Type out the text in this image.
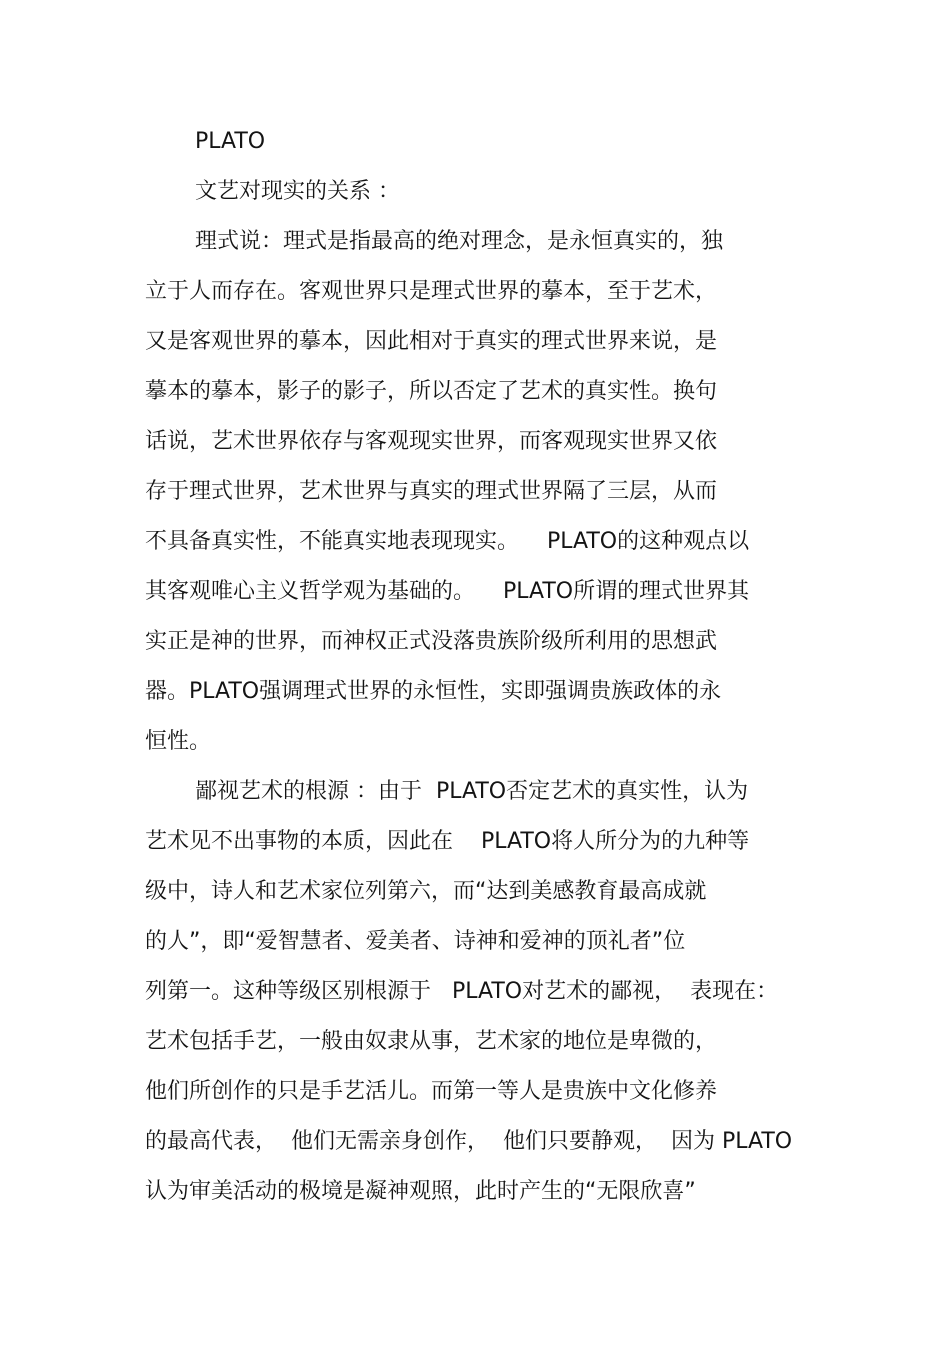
PLATO
文艺对现实的关系 ：
理式说：理式是指最高的绝对理念，是永恒真实的，独
立于人而存在。客观世界只是理式世界的摹本，至于艺术，
又是客观世界的摹本，因此相对于真实的理式世界来说，是
摹本的摹本，影子的影子，所以否定了艺术的真实性。换句
话说，艺术世界依存与客观现实世界，而客观现实世界又依
存于理式世界，艺术世界与真实的理式世界隔了三层，从而
不具备真实性，不能真实地表现现实。    PLATO的这种观点以
其客观唯心主义哲学观为基础的。    PLATO所谓的理式世界其
实正是神的世界，而神权正式没落贵族阶级所利用的思想武
器。PLATO强调理式世界的永恒性，实即强调贵族政体的永
恒性。
鄙视艺术的根源 ：由于  PLATO否定艺术的真实性，认为
艺术见不出事物的本质，因此在    PLATO将人所分为的九种等
级中，诗人和艺术家位列第六，而“达到美感教育最高成就
的人”，即“爱智慧者、爱美者、诗神和爱神的顶礼者”位
列第一。这种等级区别根源于   PLATO对艺术的鄙视，  表现在：
艺术包括手艺，一般由奴隶从事，艺术家的地位是卑微的，
他们所创作的只是手艺活儿。而第一等人是贵族中文化修养
的最高代表，  他们无需亲身创作，  他们只要静观，  因为 PLATO
认为审美活动的极境是凝神观照，此时产生的“无限欣喜”
